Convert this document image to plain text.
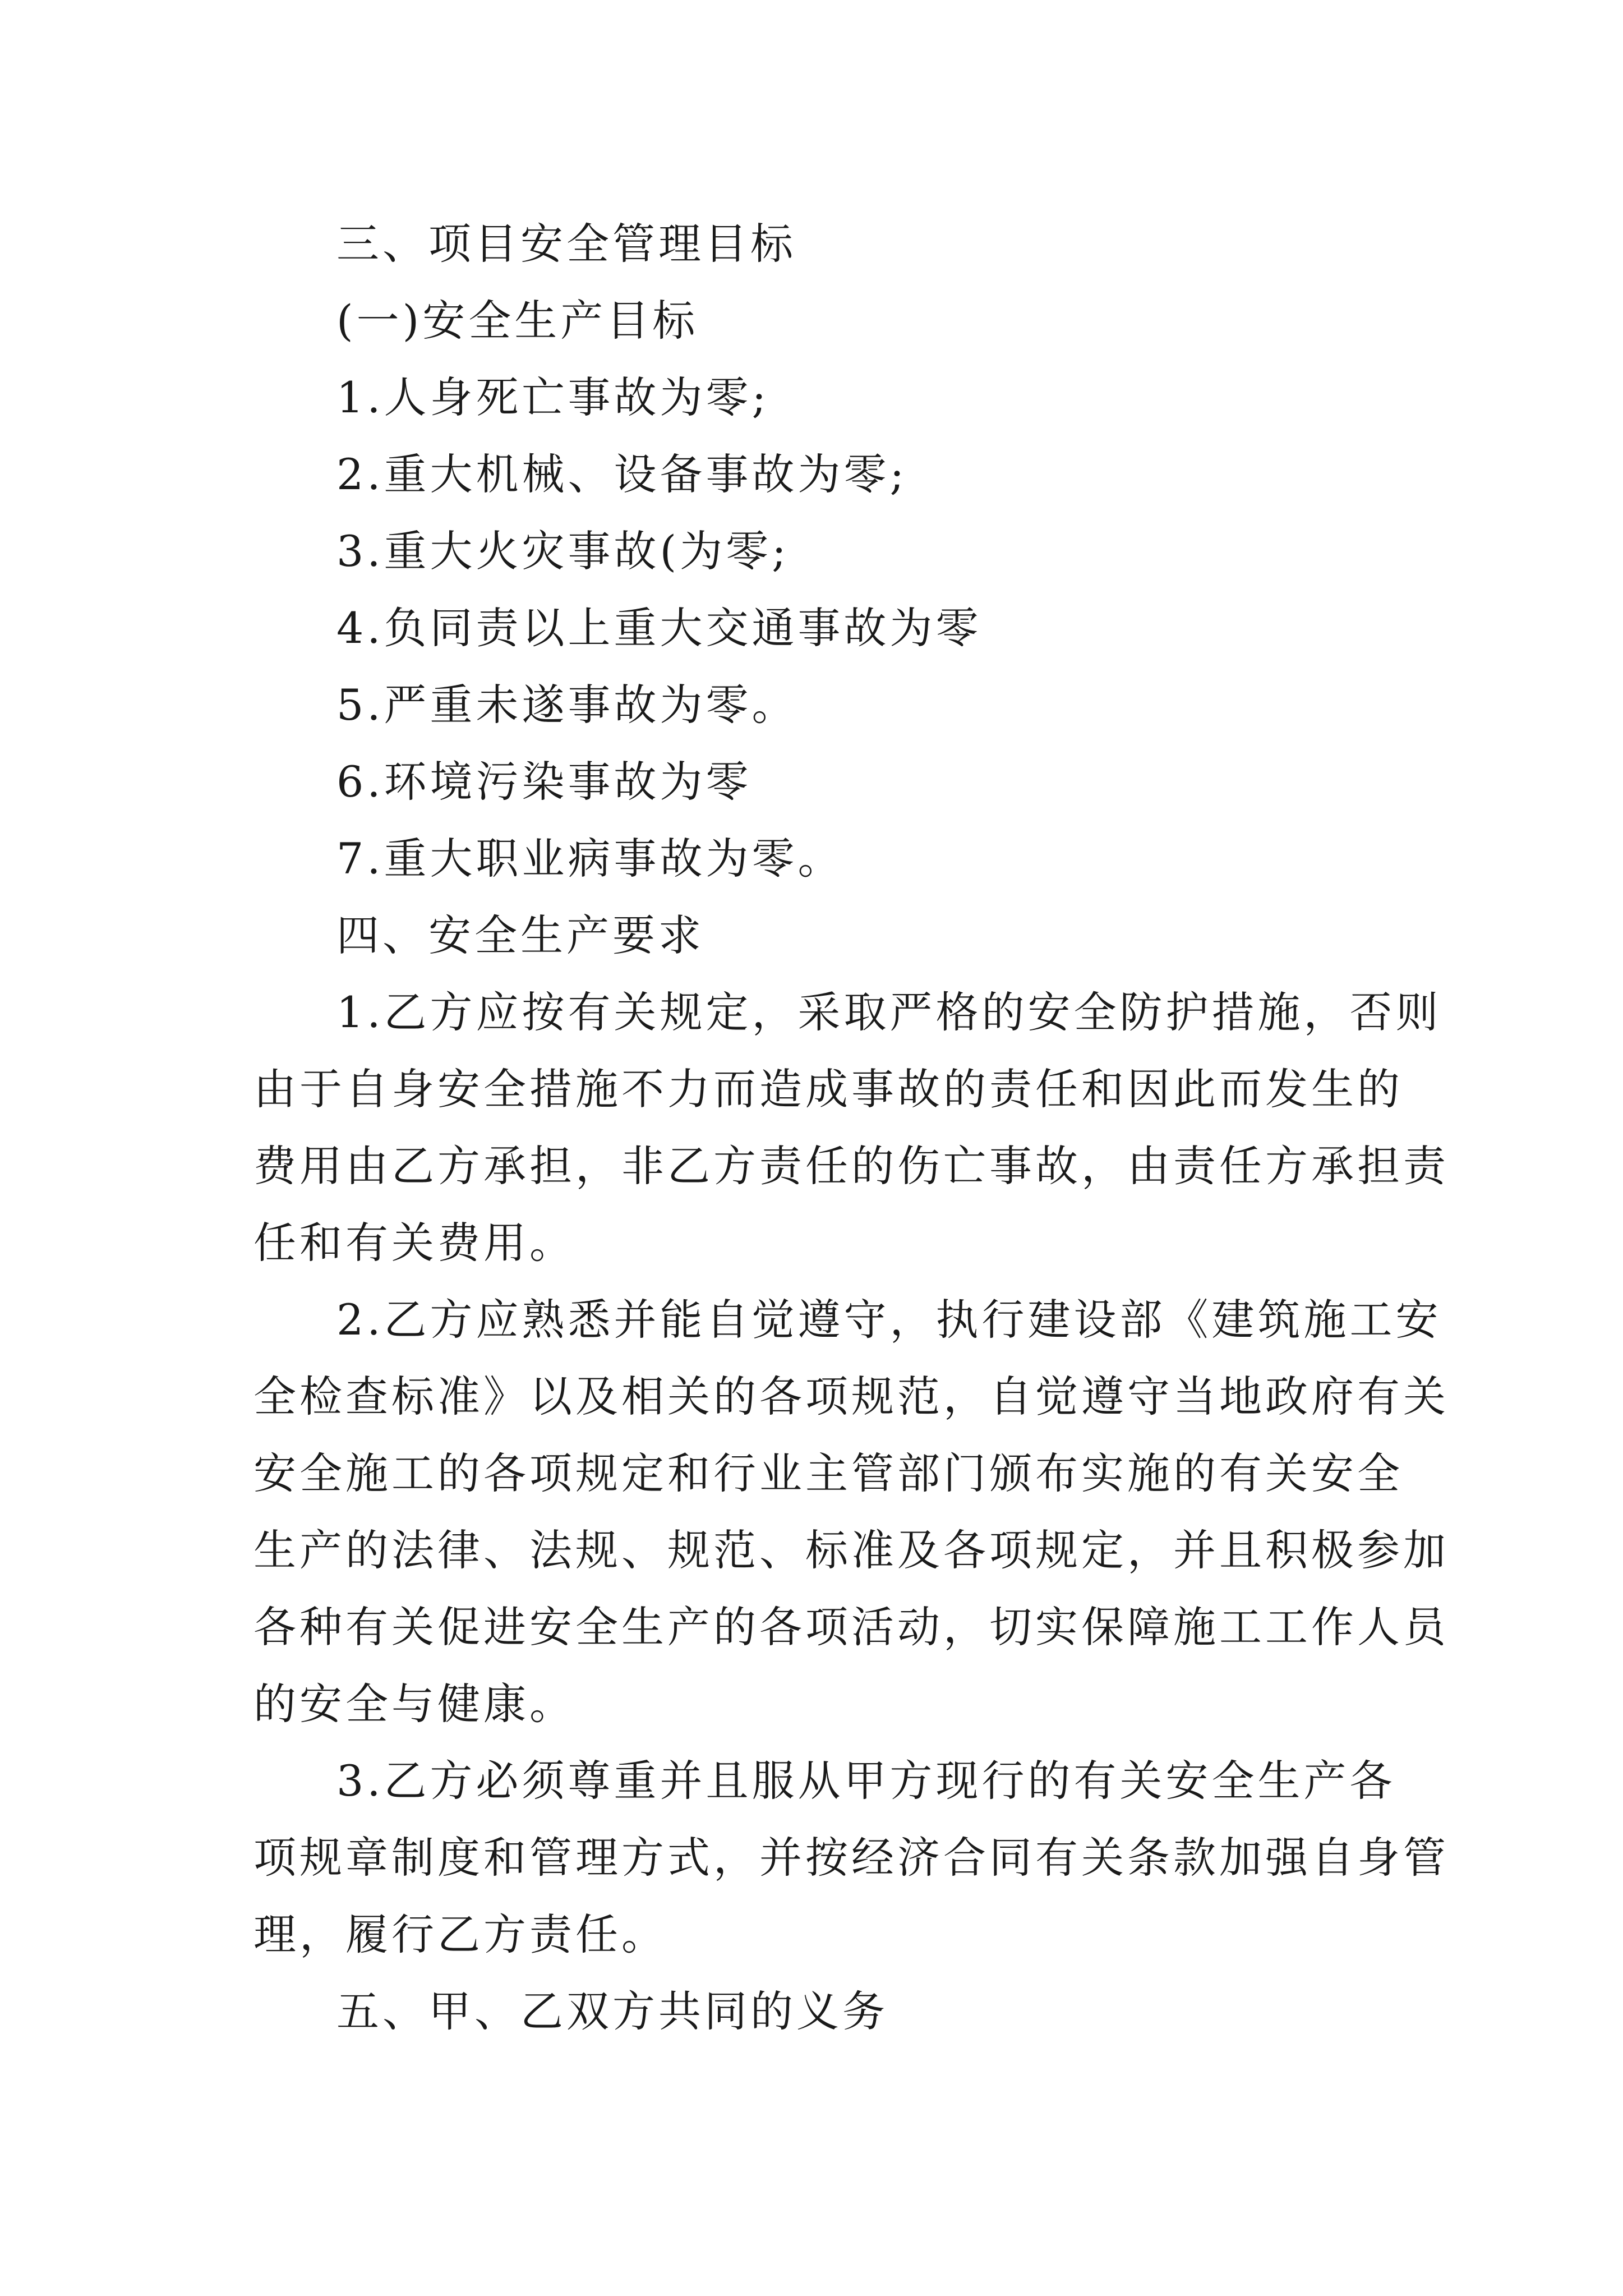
三、项目安全管理目标
(一)安全生产目标
1.人身死亡事故为零;
2.重大机械、设备事故为零;
3.重大火灾事故(为零;
4.负同责以上重大交通事故为零
5.严重未遂事故为零。
6.环境污染事故为零
7.重大职业病事故为零。
四、安全生产要求
1.乙方应按有关规定，采取严格的安全防护措施，否则
由于自身安全措施不力而造成事故的责任和因此而发生的
费用由乙方承担，非乙方责任的伤亡事故，由责任方承担责
任和有关费用。
2.乙方应熟悉并能自觉遵守，执行建设部《建筑施工安
全检查标准》以及相关的各项规范，自觉遵守当地政府有关
安全施工的各项规定和行业主管部门颁布实施的有关安全
生产的法律、法规、规范、标准及各项规定，并且积极参加
各种有关促进安全生产的各项活动，切实保障施工工作人员
的安全与健康。
3.乙方必须尊重并且服从甲方现行的有关安全生产各
项规章制度和管理方式，并按经济合同有关条款加强自身管
理，履行乙方责任。
五、甲、乙双方共同的义务
